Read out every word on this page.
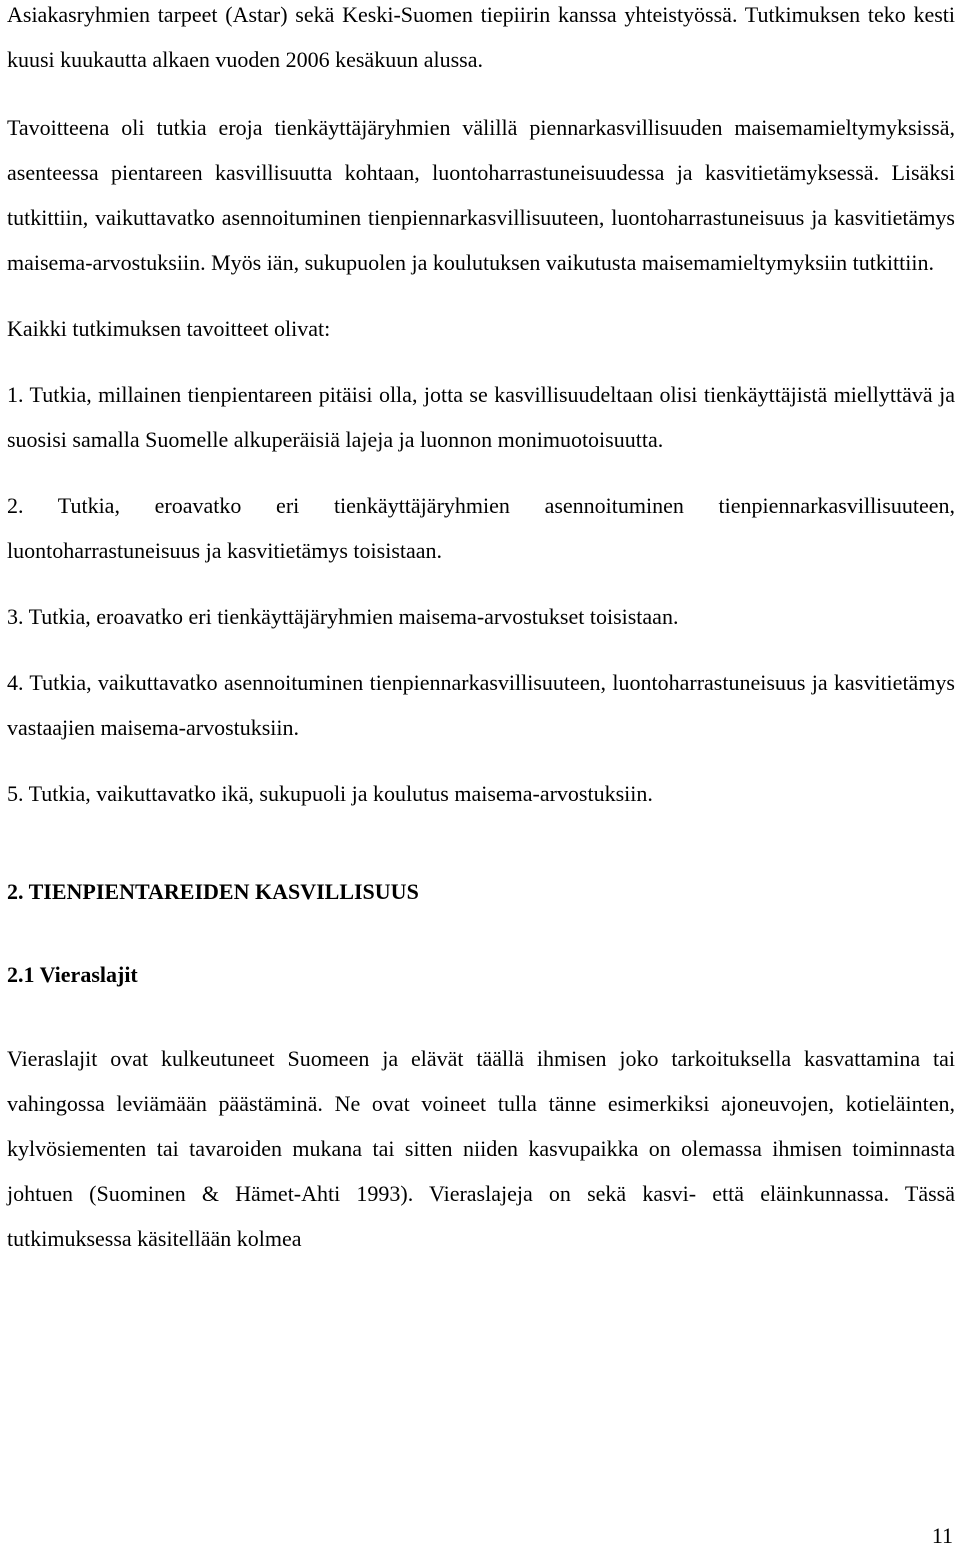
Asiakasryhmien tarpeet (Astar) sekä Keski-Suomen tiepiirin kanssa yhteistyössä. Tutkimuksen teko kesti kuusi kuukautta alkaen vuoden 2006 kesäkuun alussa.

Tavoitteena oli tutkia eroja tienkäyttäjäryhmien välillä piennarkasvillisuuden maisemamieltymyksissä, asenteessa pientareen kasvillisuutta kohtaan, luontoharrastuneisuudessa ja kasvitietämyksessä. Lisäksi tutkittiin, vaikuttavatko asennoituminen tienpiennarkasvillisuuteen, luontoharrastuneisuus ja kasvitietämys maisema-arvostuksiin. Myös iän, sukupuolen ja koulutuksen vaikutusta maisemamieltymyksiin tutkittiin.

Kaikki tutkimuksen tavoitteet olivat:

1. Tutkia, millainen tienpientareen pitäisi olla, jotta se kasvillisuudeltaan olisi tienkäyttäjistä miellyttävä ja suosisi samalla Suomelle alkuperäisiä lajeja ja luonnon monimuotoisuutta.

2. Tutkia, eroavatko eri tienkäyttäjäryhmien asennoituminen tienpiennarkasvillisuuteen, luontoharrastuneisuus ja kasvitietämys toisistaan.

3. Tutkia, eroavatko eri tienkäyttäjäryhmien maisema-arvostukset toisistaan.

4. Tutkia, vaikuttavatko asennoituminen tienpiennarkasvillisuuteen, luontoharrastuneisuus ja kasvitietämys vastaajien maisema-arvostuksiin.

5. Tutkia, vaikuttavatko ikä, sukupuoli ja koulutus maisema-arvostuksiin.

2. TIENPIENTAREIDEN KASVILLISUUS
2.1 Vieraslajit

Vieraslajit ovat kulkeutuneet Suomeen ja elävät täällä ihmisen joko tarkoituksella kasvattamina tai vahingossa leviämään päästäminä. Ne ovat voineet tulla tänne esimerkiksi ajoneuvojen, kotieläinten, kylvösiementen tai tavaroiden mukana tai sitten niiden kasvupaikka on olemassa ihmisen toiminnasta johtuen (Suominen & Hämet-Ahti 1993). Vieraslajeja on sekä kasvi- että eläinkunnassa. Tässä tutkimuksessa käsitellään kolmea

11
